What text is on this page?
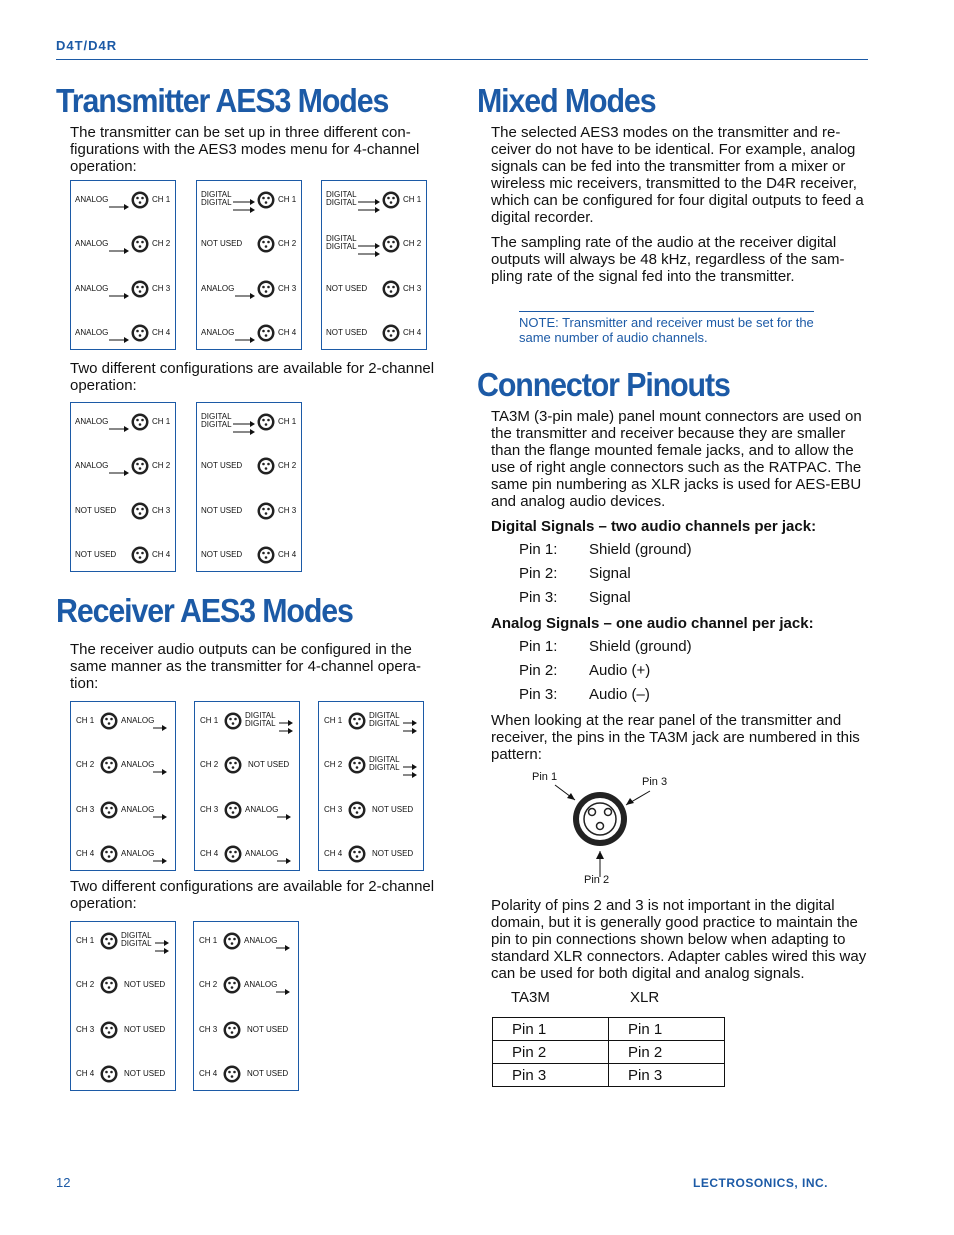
D4T/D4R
Transmitter AES3 Modes
The transmitter can be set up in three different con-figurations with the AES3 modes menu for 4-channel operation:
CH 1
ANALOG
CH 2
ANALOG
CH 3
ANALOG
CH 4
ANALOG
CH 1
DIGITAL
DIGITAL
CH 2
NOT USED
CH 3
ANALOG
CH 4
ANALOG
CH 1
DIGITAL
DIGITAL
CH 2
DIGITAL
DIGITAL
CH 3
NOT USED
CH 4
NOT USED
Two different configurations are available for 2-channel operation:
CH 1
ANALOG
CH 2
ANALOG
CH 3
NOT USED
CH 4
NOT USED
CH 1
DIGITAL
DIGITAL
CH 2
NOT USED
CH 3
NOT USED
CH 4
NOT USED
Receiver AES3 Modes
The receiver audio outputs can be configured in the same manner as the transmitter for 4-channel opera-tion:
CH 1	ANALOG
CH 2	ANALOG
CH 3	ANALOG
CH 4	ANALOG
CH 1
DIGITAL
DIGITAL
CH 2	NOT USED
CH 3	ANALOG
CH 4	ANALOG
CH 1
DIGITAL
DIGITAL
CH 2
DIGITAL
DIGITAL
CH 3	NOT USED
CH 4	NOT USED
Two different configurations are available for 2-channel operation:
CH 1
DIGITAL
DIGITAL
CH 2	NOT USED
CH 3	NOT USED
CH 4	NOT USED
CH 1	ANALOG
CH 2	ANALOG
CH 3	NOT USED
CH 4	NOT USED
Mixed Modes
The selected AES3 modes on the transmitter and re-ceiver do not have to be identical. For example, analog signals can be fed into the transmitter from a mixer or wireless mic receivers, transmitted to the D4R receiver, which can be configured for four digital outputs to feed a digital recorder.
The sampling rate of the audio at the receiver digital outputs will always be 48 kHz, regardless of the sam-pling rate of the signal fed into the transmitter.
NOTE: Transmitter and receiver must be set for the same number of audio channels.
Connector Pinouts
TA3M (3-pin male) panel mount connectors are used on the transmitter and receiver because they are smaller than the flange mounted female jacks, and to allow the use of right angle connectors such as the RATPAC. The same pin numbering as XLR jacks is used for AES-EBU and analog audio devices.
Digital Signals – two audio channels per jack:
Pin 1: Shield (ground)
Pin 2: Signal
Pin 3: Signal
Analog Signals – one audio channel per jack:
Pin 1: Shield (ground)
Pin 2: Audio (+)
Pin 3: Audio (–)
When looking at the rear panel of the transmitter and receiver, the pins in the TA3M jack are numbered in this pattern:
Pin 1	Pin 3
Pin 2
Polarity of pins 2 and 3 is not important in the digital domain, but it is generally good practice to maintain the pin to pin connections shown below when adapting to standard XLR connectors. Adapter cables wired this way can be used for both digital and analog signals.
TA3M	XLR
Pin 1	Pin 1
Pin 2	Pin 2
Pin 3	Pin 3
12	LECTROSONICS, INC.
